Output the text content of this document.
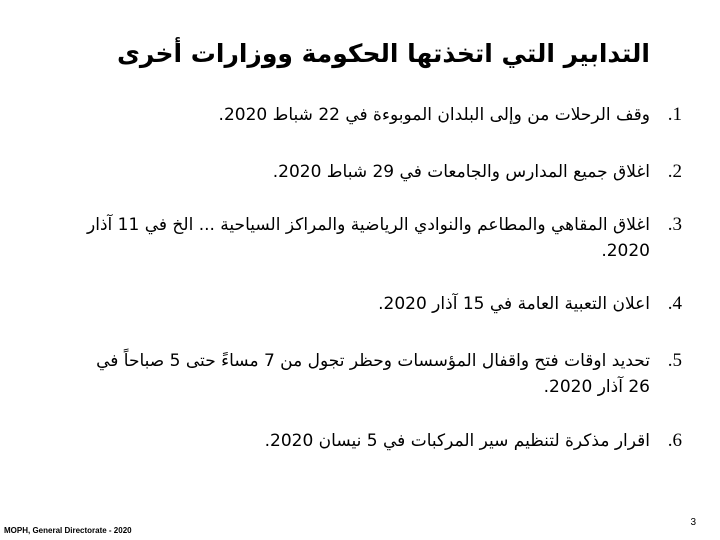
التدابير التي اتخذتها الحكومة ووزارات أخرى
1.
وقف الرحلات من وإلى البلدان الموبوءة في 22 شباط 2020.
2.
اغلاق جميع المدارس والجامعات في 29 شباط 2020.
3.
اغلاق المقاهي والمطاعم والنوادي الرياضية والمراكز السياحية ... الخ في 11 آذار 2020.
4.
اعلان التعبية العامة في 15 آذار 2020.
5.
تحديد اوقات فتح واقفال المؤسسات وحظر تجول من 7 مساءً حتى 5 صباحاً في 26 آذار 2020.
6.
اقرار مذكرة لتنظيم سير المركبات في 5 نيسان 2020.
MOPH, General Directorate - 2020
3
